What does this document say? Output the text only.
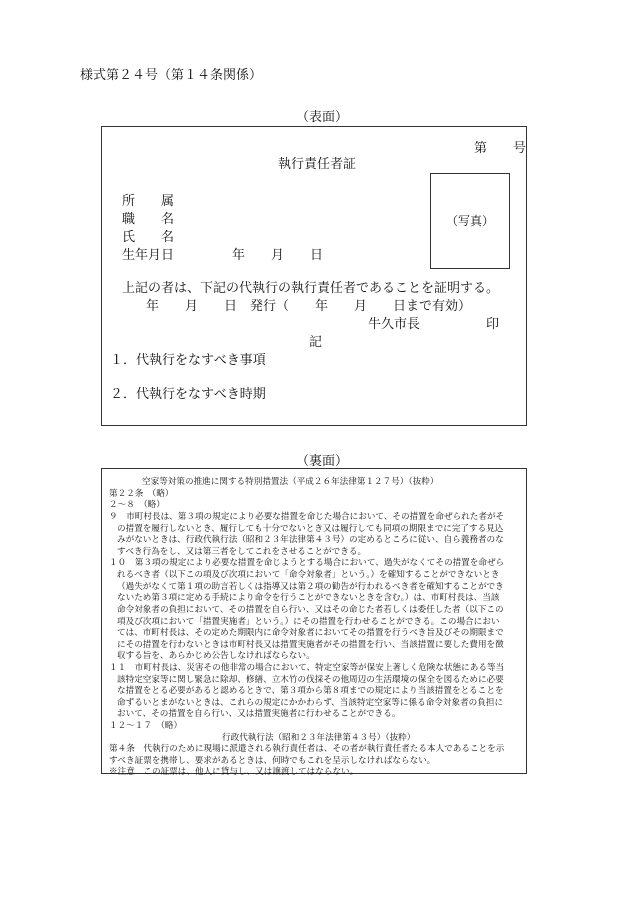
様式第２４号（第１４条関係）
（表面）
第　　号
執行責任者証
所　　属
職　　名
氏　　名
生年月日	年　　月　　日
（写真）
上記の者は、下記の代執行の執行責任者であることを証明する。
年　　月　　日　発行（　　年　　月　　日まで有効）
牛久市長	印
記
１．代執行をなすべき事項
２．代執行をなすべき時期
（裏面）
空家等対策の推進に関する特別措置法（平成２６年法律第１２７号）（抜粋）
第２２条　（略）
２～８　（略）
９　市町村長は、第３項の規定により必要な措置を命じた場合において、その措置を命ぜられた者がそ
の措置を履行しないとき、履行しても十分でないとき又は履行しても同項の期限までに完了する見込
みがないときは、行政代執行法（昭和２３年法律第４３号）の定めるところに従い、自ら義務者のな
すべき行為をし、又は第三者をしてこれをさせることができる。
１０　第３項の規定により必要な措置を命じようとする場合において、過失がなくてその措置を命ぜら
れるべき者（以下この項及び次項において「命令対象者」という。）を確知することができないとき
（過失がなくて第１項の助言若しくは指導又は第２項の勧告が行われるべき者を確知することができ
ないため第３項に定める手続により命令を行うことができないときを含む。）は、市町村長は、当該
命令対象者の負担において、その措置を自ら行い、又はその命じた者若しくは委任した者（以下この
項及び次項において「措置実施者」という。）にその措置を行わせることができる。この場合におい
ては、市町村長は、その定めた期限内に命令対象者においてその措置を行うべき旨及びその期限まで
にその措置を行わないときは市町村長又は措置実施者がその措置を行い、当該措置に要した費用を徴
収する旨を、あらかじめ公告しなければならない。
１１　市町村長は、災害その他非常の場合において、特定空家等が保安上著しく危険な状態にある等当
該特定空家等に関し緊急に除却、修繕、立木竹の伐採その他周辺の生活環境の保全を図るために必要
な措置をとる必要があると認めるときで、第３項から第８項までの規定により当該措置をとることを
命ずるいとまがないときは、これらの規定にかかわらず、当該特定空家等に係る命令対象者の負担に
おいて、その措置を自ら行い、又は措置実施者に行わせることができる。
１２～１７　（略）
行政代執行法（昭和２３年法律第４３号）（抜粋）
第４条　代執行のために現場に派遣される執行責任者は、その者が執行責任者たる本人であることを示
すべき証票を携帯し、要求があるときは、何時でもこれを呈示しなければならない。
※注意　この証票は、他人に貸与し、又は譲渡してはならない。
